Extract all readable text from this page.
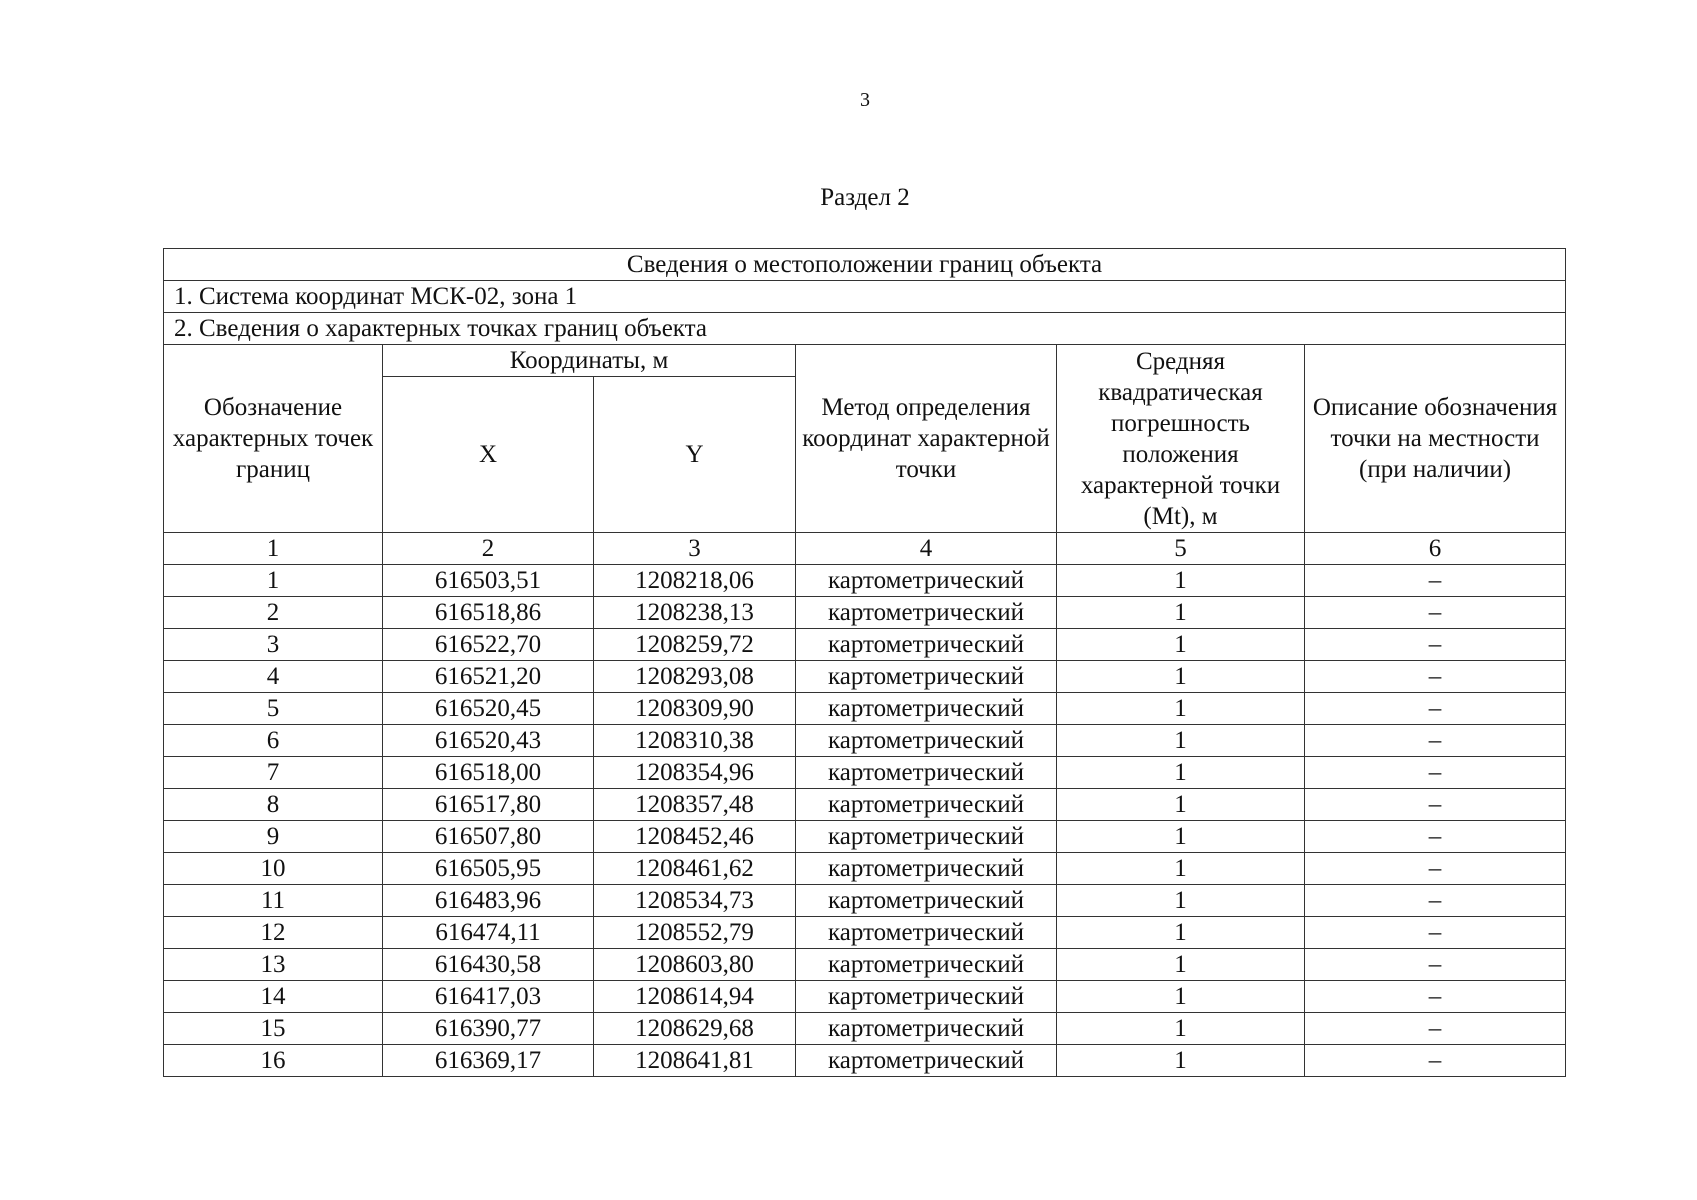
3
Раздел 2
Сведения о местоположении границ объекта					
1. Система координат МСК-02, зона 1					
2. Сведения о характерных точках границ объекта					
Обозначение характерных точек границ	Координаты, м		Метод определения координат характерной точки	Средняя квадратическая погрешность положения характерной точки (Mt), м	Описание обозначения точки на местности (при наличии)
	X	Y			
1	2	3	4	5	6
1	616503,51	1208218,06	картометрический	1	–
2	616518,86	1208238,13	картометрический	1	–
3	616522,70	1208259,72	картометрический	1	–
4	616521,20	1208293,08	картометрический	1	–
5	616520,45	1208309,90	картометрический	1	–
6	616520,43	1208310,38	картометрический	1	–
7	616518,00	1208354,96	картометрический	1	–
8	616517,80	1208357,48	картометрический	1	–
9	616507,80	1208452,46	картометрический	1	–
10	616505,95	1208461,62	картометрический	1	–
11	616483,96	1208534,73	картометрический	1	–
12	616474,11	1208552,79	картометрический	1	–
13	616430,58	1208603,80	картометрический	1	–
14	616417,03	1208614,94	картометрический	1	–
15	616390,77	1208629,68	картометрический	1	–
16	616369,17	1208641,81	картометрический	1	–
